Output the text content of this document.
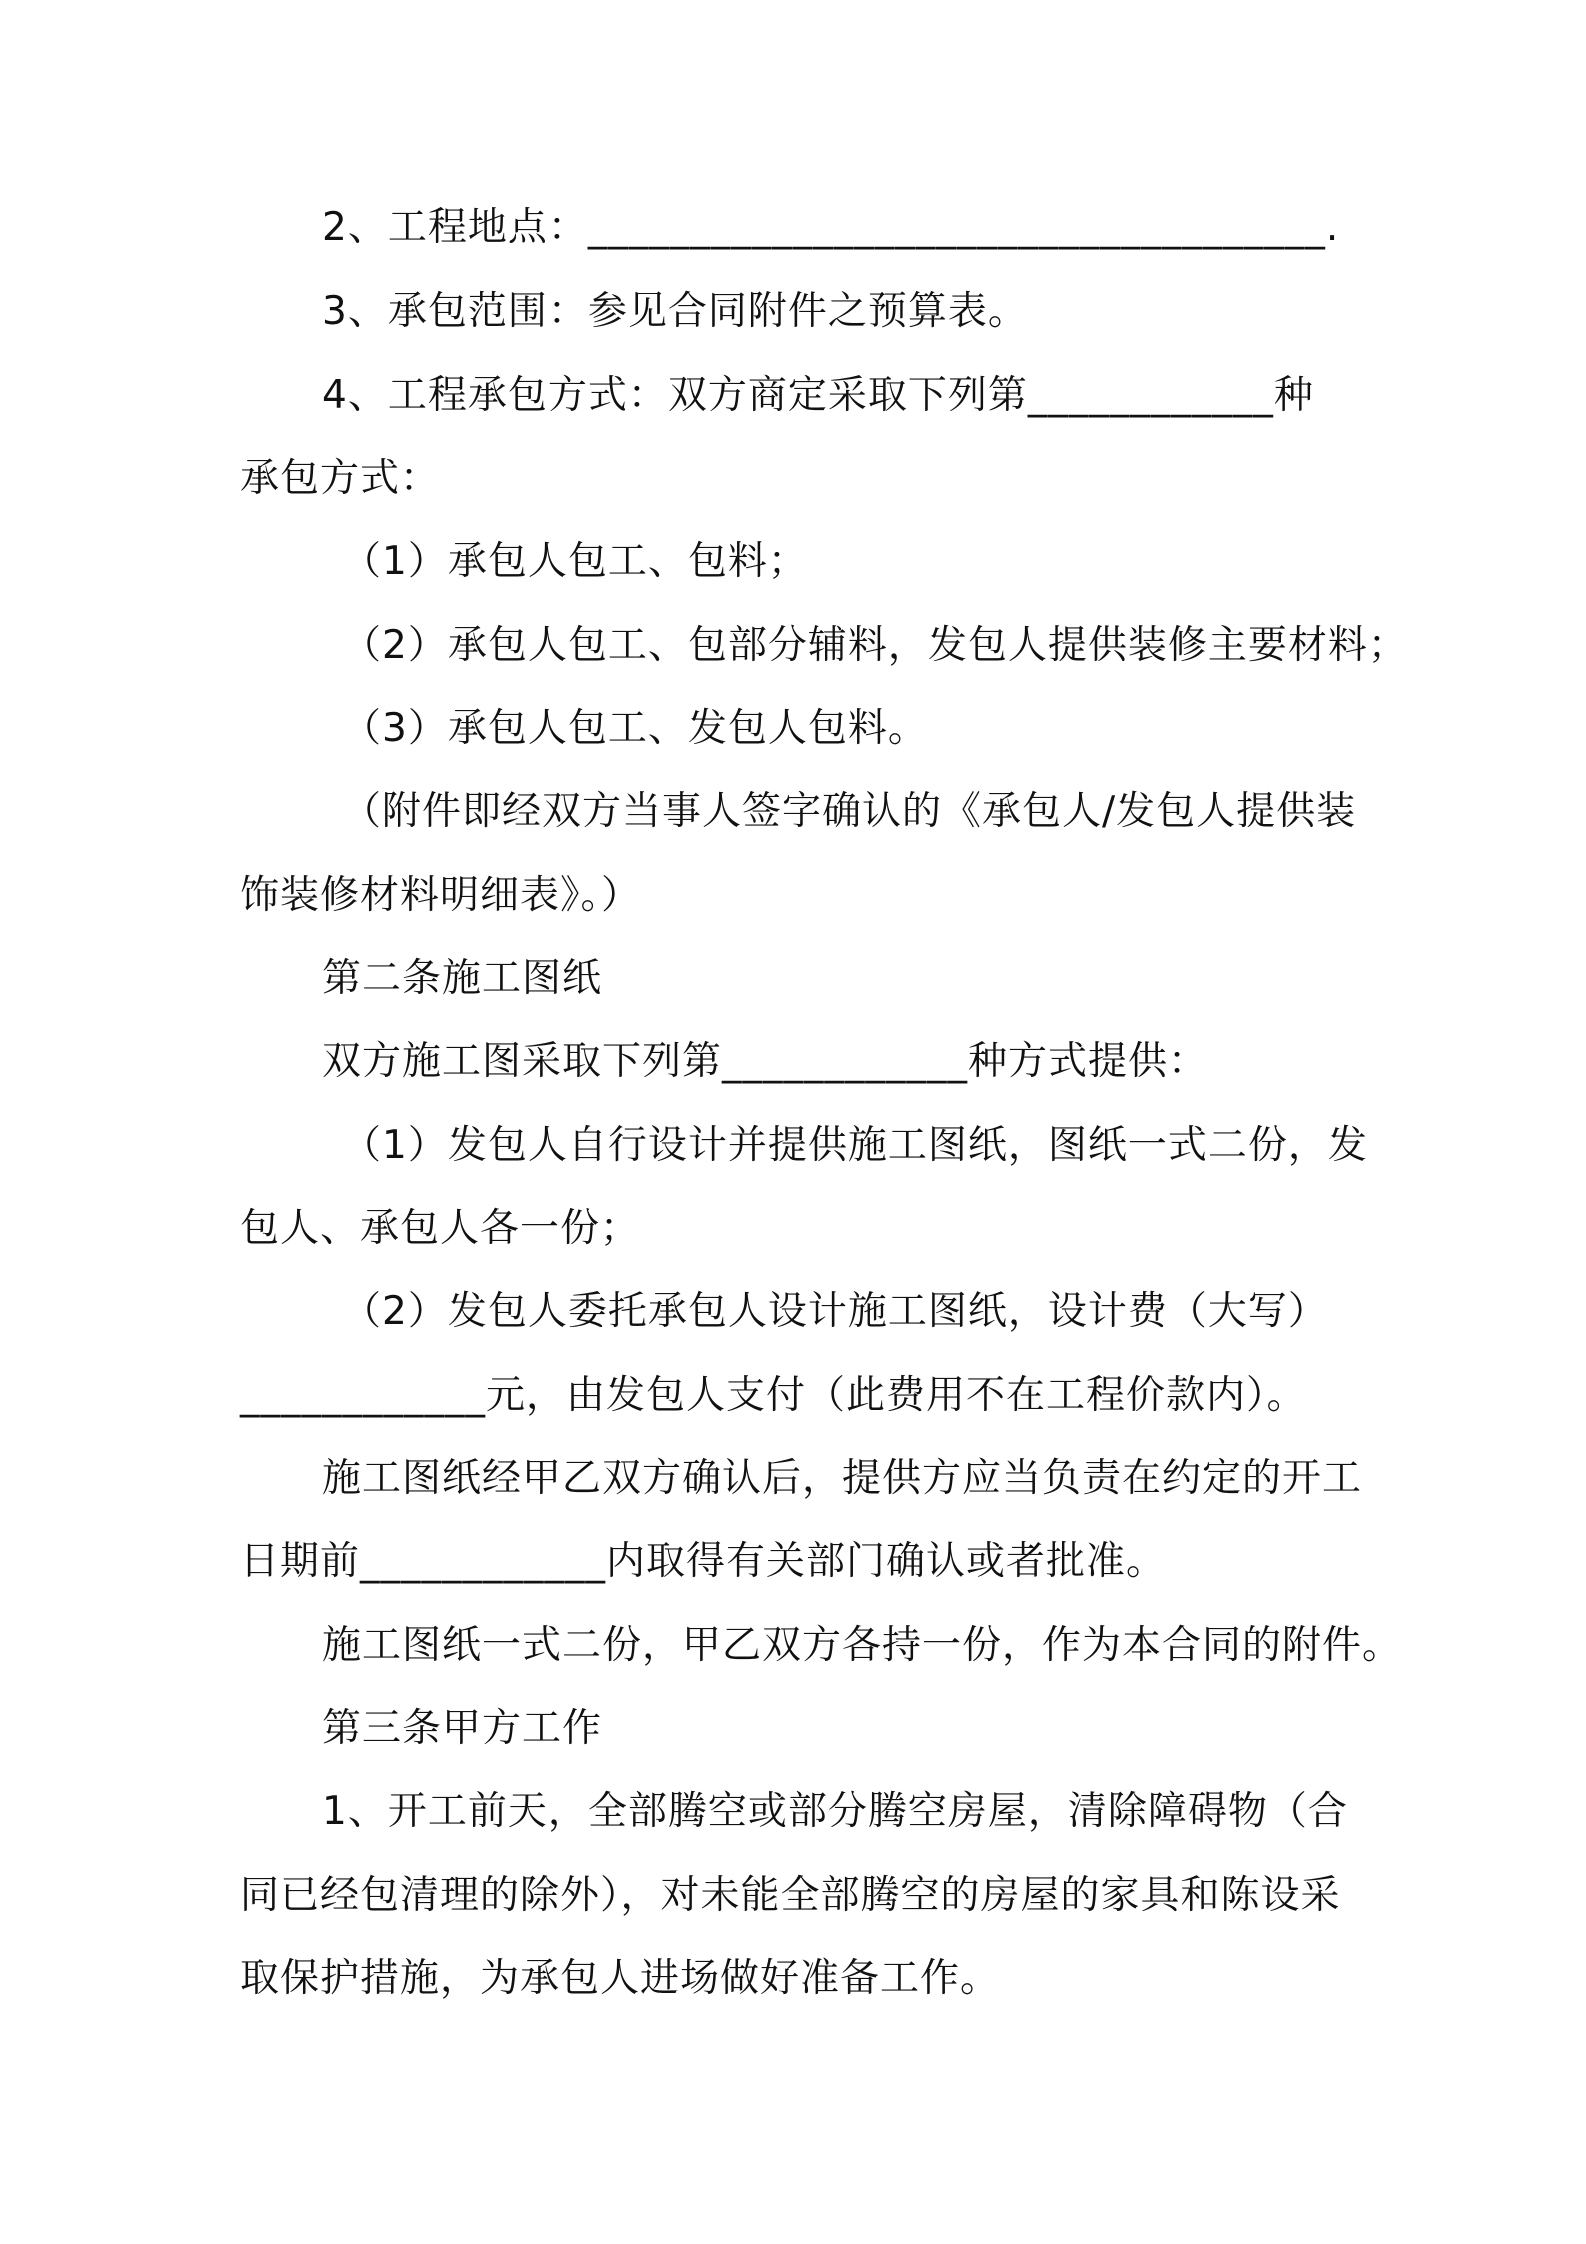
2、工程地点：____________________________________.
3、承包范围：参见合同附件之预算表。
4、工程承包方式：双方商定采取下列第____________种
承包方式：
（1）承包人包工、包料；
（2）承包人包工、包部分辅料，发包人提供装修主要材料；
（3）承包人包工、发包人包料。
（附件即经双方当事人签字确认的《承包人/发包人提供装
饰装修材料明细表》。）
第二条施工图纸
双方施工图采取下列第____________种方式提供：
（1）发包人自行设计并提供施工图纸，图纸一式二份，发
包人、承包人各一份；
（2）发包人委托承包人设计施工图纸，设计费（大写）
____________元，由发包人支付（此费用不在工程价款内）。
施工图纸经甲乙双方确认后，提供方应当负责在约定的开工
日期前____________内取得有关部门确认或者批准。
施工图纸一式二份，甲乙双方各持一份，作为本合同的附件。
第三条甲方工作
1、开工前天，全部腾空或部分腾空房屋，清除障碍物（合
同已经包清理的除外），对未能全部腾空的房屋的家具和陈设采
取保护措施，为承包人进场做好准备工作。
